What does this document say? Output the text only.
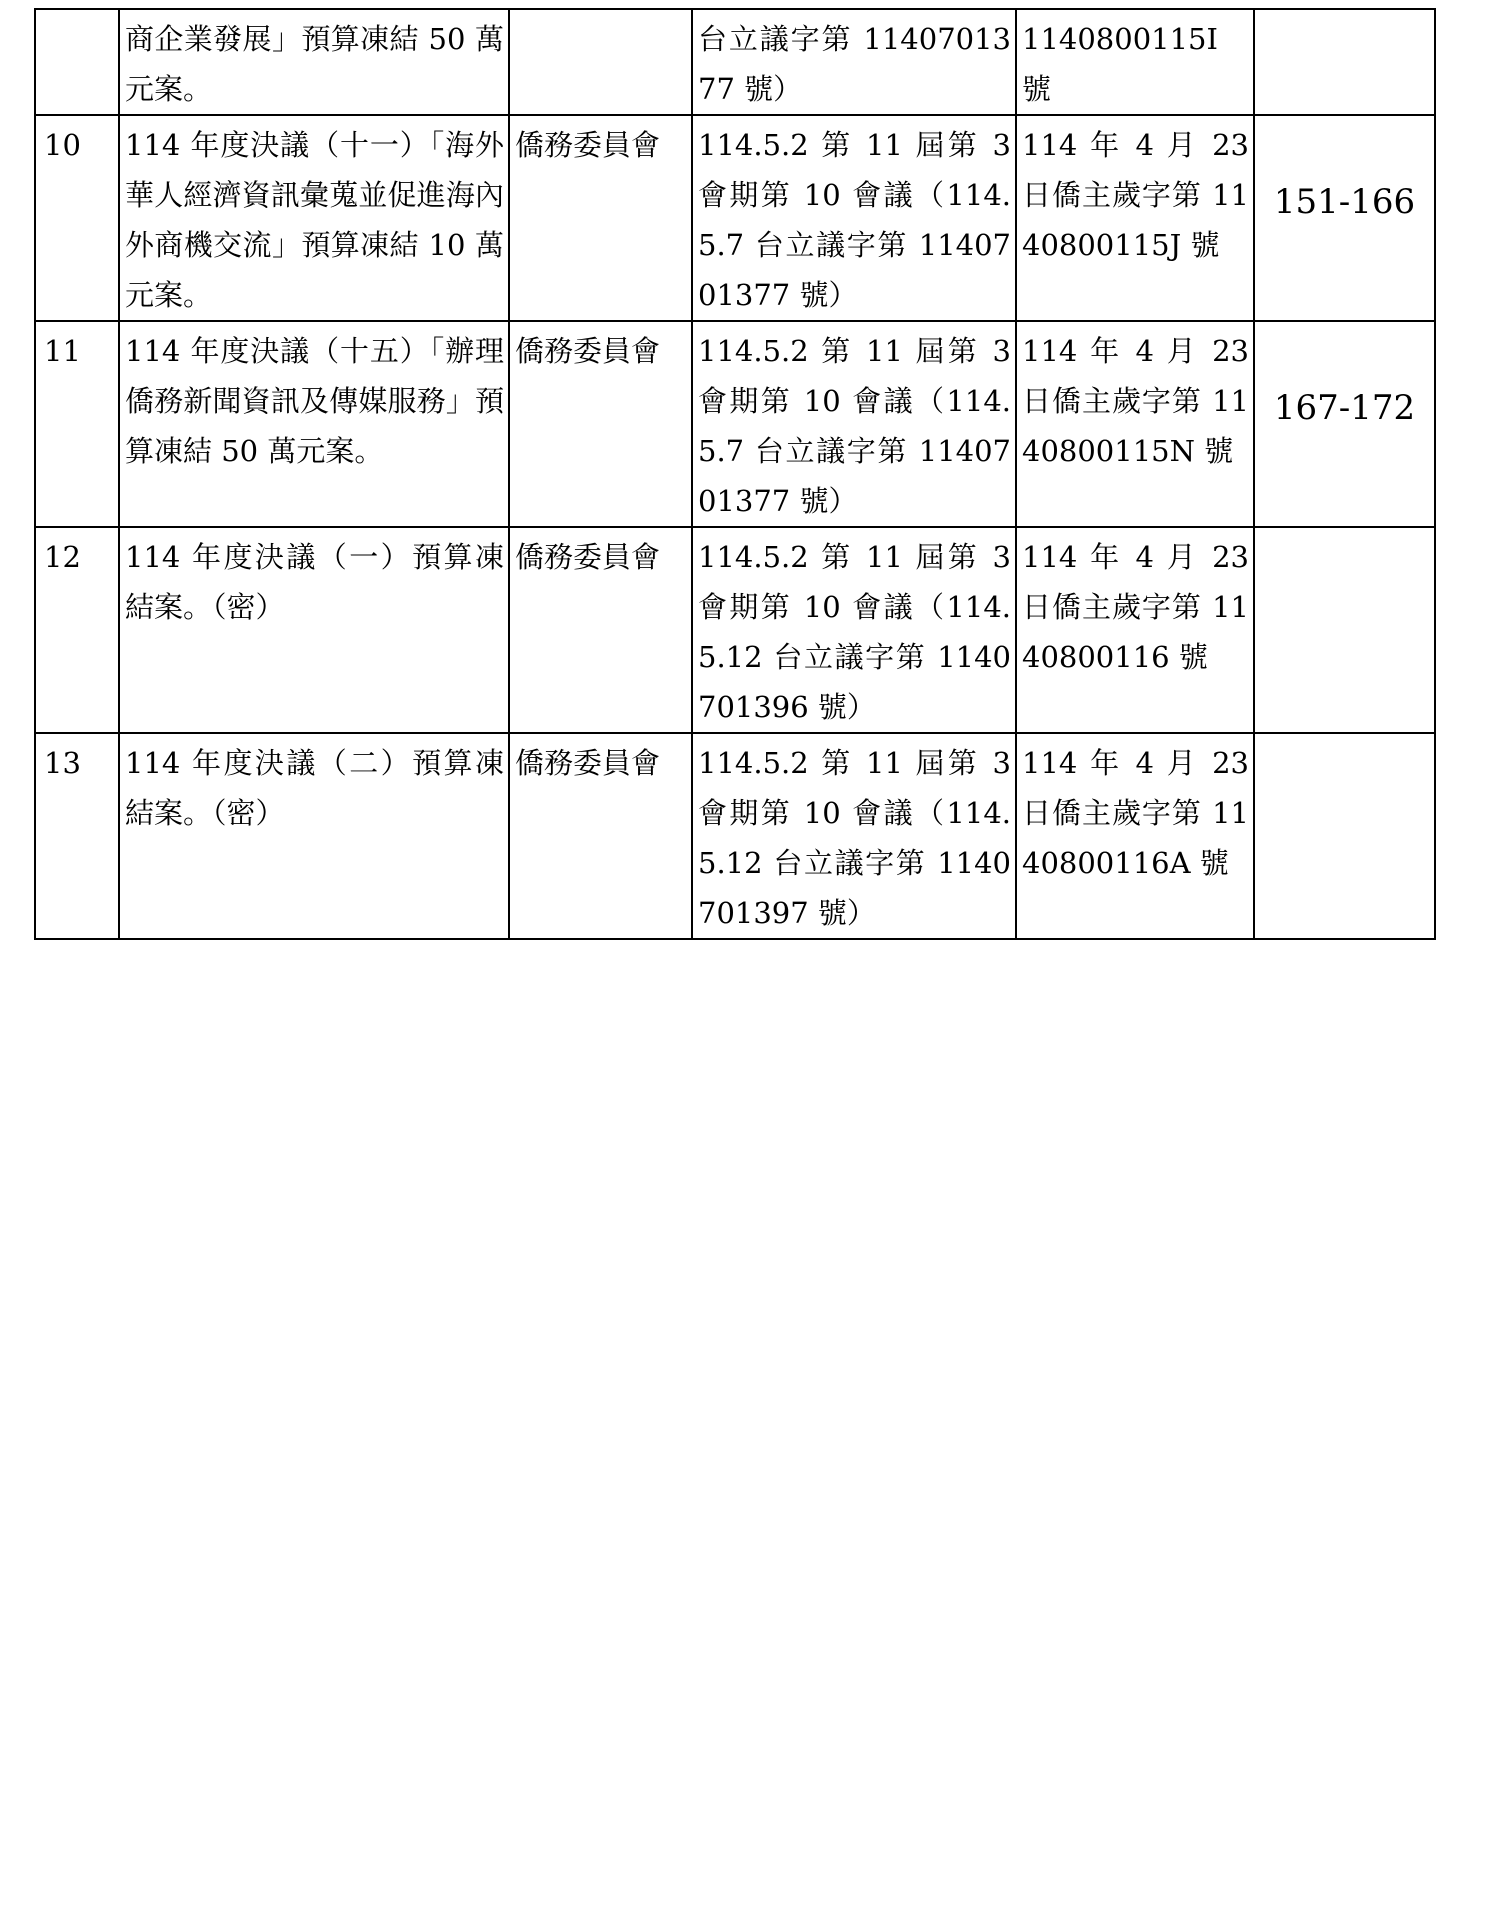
	商企業發展」預算凍結 50 萬元案。		台立議字第 1140701377 號）	1140800115I 號	
10	114 年度決議（十一）「海外華人經濟資訊彙蒐並促進海內外商機交流」預算凍結 10 萬元案。	僑務委員會	114.5.2 第 11 屆第 3 會期第 10 會議（114.5.7 台立議字第 1140701377 號）	114 年 4 月 23 日僑主歲字第 1140800115J 號	151-166
11	114 年度決議（十五）「辦理僑務新聞資訊及傳媒服務」預算凍結 50 萬元案。	僑務委員會	114.5.2 第 11 屆第 3 會期第 10 會議（114.5.7 台立議字第 1140701377 號）	114 年 4 月 23 日僑主歲字第 1140800115N 號	167-172
12	114 年度決議（一）預算凍結案。（密）	僑務委員會	114.5.2 第 11 屆第 3 會期第 10 會議（114.5.12 台立議字第 1140701396 號）	114 年 4 月 23 日僑主歲字第 1140800116 號	
13	114 年度決議（二）預算凍結案。（密）	僑務委員會	114.5.2 第 11 屆第 3 會期第 10 會議（114.5.12 台立議字第 1140701397 號）	114 年 4 月 23 日僑主歲字第 1140800116A 號	
